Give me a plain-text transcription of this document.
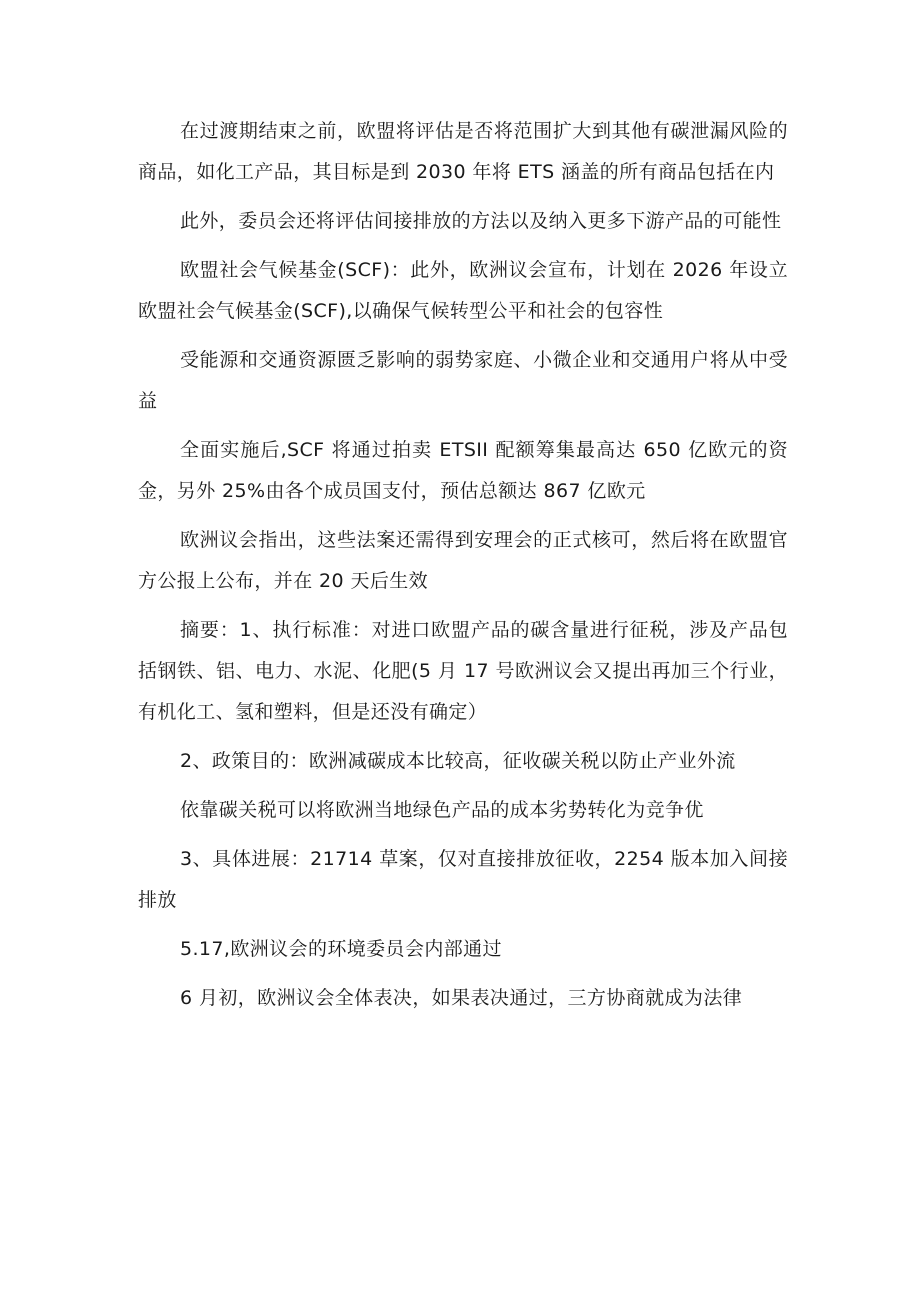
在过渡期结束之前，欧盟将评估是否将范围扩大到其他有碳泄漏风险的商品，如化工产品，其目标是到 2030 年将 ETS 涵盖的所有商品包括在内

此外，委员会还将评估间接排放的方法以及纳入更多下游产品的可能性

欧盟社会气候基金(SCF)：此外，欧洲议会宣布，计划在 2026 年设立欧盟社会气候基金(SCF),以确保气候转型公平和社会的包容性

受能源和交通资源匮乏影响的弱势家庭、小微企业和交通用户将从中受益

全面实施后,SCF 将通过拍卖 ETSII 配额筹集最高达 650 亿欧元的资金，另外 25%由各个成员国支付，预估总额达 867 亿欧元

欧洲议会指出，这些法案还需得到安理会的正式核可，然后将在欧盟官方公报上公布，并在 20 天后生效

摘要：1、执行标准：对进口欧盟产品的碳含量进行征税，涉及产品包括钢铁、铝、电力、水泥、化肥(5 月 17 号欧洲议会又提出再加三个行业，有机化工、氢和塑料，但是还没有确定）

2、政策目的：欧洲减碳成本比较高，征收碳关税以防止产业外流

依靠碳关税可以将欧洲当地绿色产品的成本劣势转化为竞争优

3、具体进展：21714 草案，仅对直接排放征收，2254 版本加入间接排放

5.17,欧洲议会的环境委员会内部通过

6 月初，欧洲议会全体表决，如果表决通过，三方协商就成为法律
